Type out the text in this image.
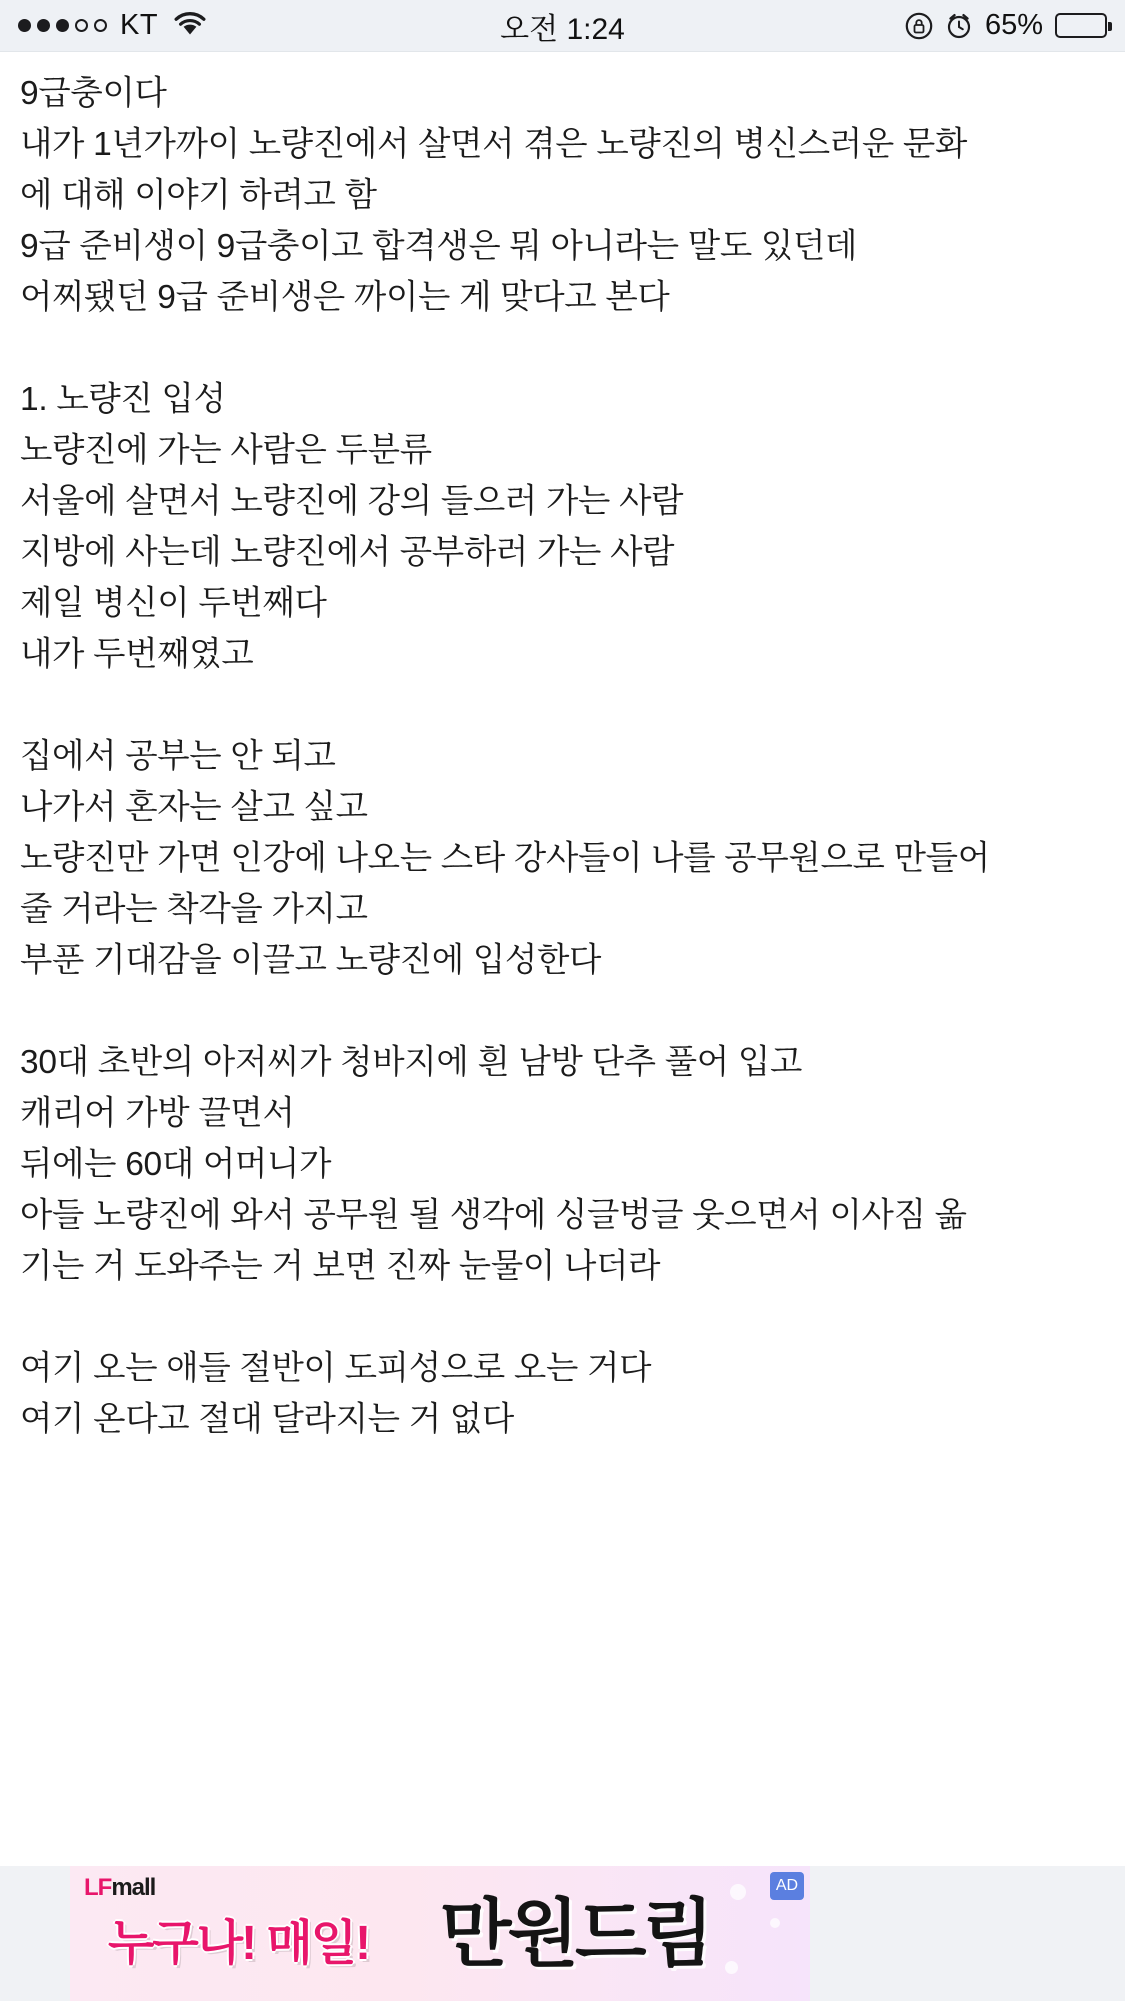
KT	오전 1:24	65%
9급충이다
내가 1년가까이 노량진에서 살면서 겪은 노량진의 병신스러운 문화
에 대해 이야기 하려고 함
9급 준비생이 9급충이고 합격생은 뭐 아니라는 말도 있던데
어찌됐던 9급 준비생은 까이는 게 맞다고 본다
1. 노량진 입성
노량진에 가는 사람은 두분류
서울에 살면서 노량진에 강의 들으러 가는 사람
지방에 사는데 노량진에서 공부하러 가는 사람
제일 병신이 두번째다
내가 두번째였고
집에서 공부는 안 되고
나가서 혼자는 살고 싶고
노량진만 가면 인강에 나오는 스타 강사들이 나를 공무원으로 만들어
줄 거라는 착각을 가지고
부푼 기대감을 이끌고 노량진에 입성한다
30대 초반의 아저씨가 청바지에 흰 남방 단추 풀어 입고
캐리어 가방 끌면서
뒤에는 60대 어머니가
아들 노량진에 와서 공무원 될 생각에 싱글벙글 웃으면서 이사짐 옮
기는 거 도와주는 거 보면 진짜 눈물이 나더라
여기 오는 애들 절반이 도피성으로 오는 거다
여기 온다고 절대 달라지는 거 없다
LFmall
누구나! 매일! 만원드림
AD
